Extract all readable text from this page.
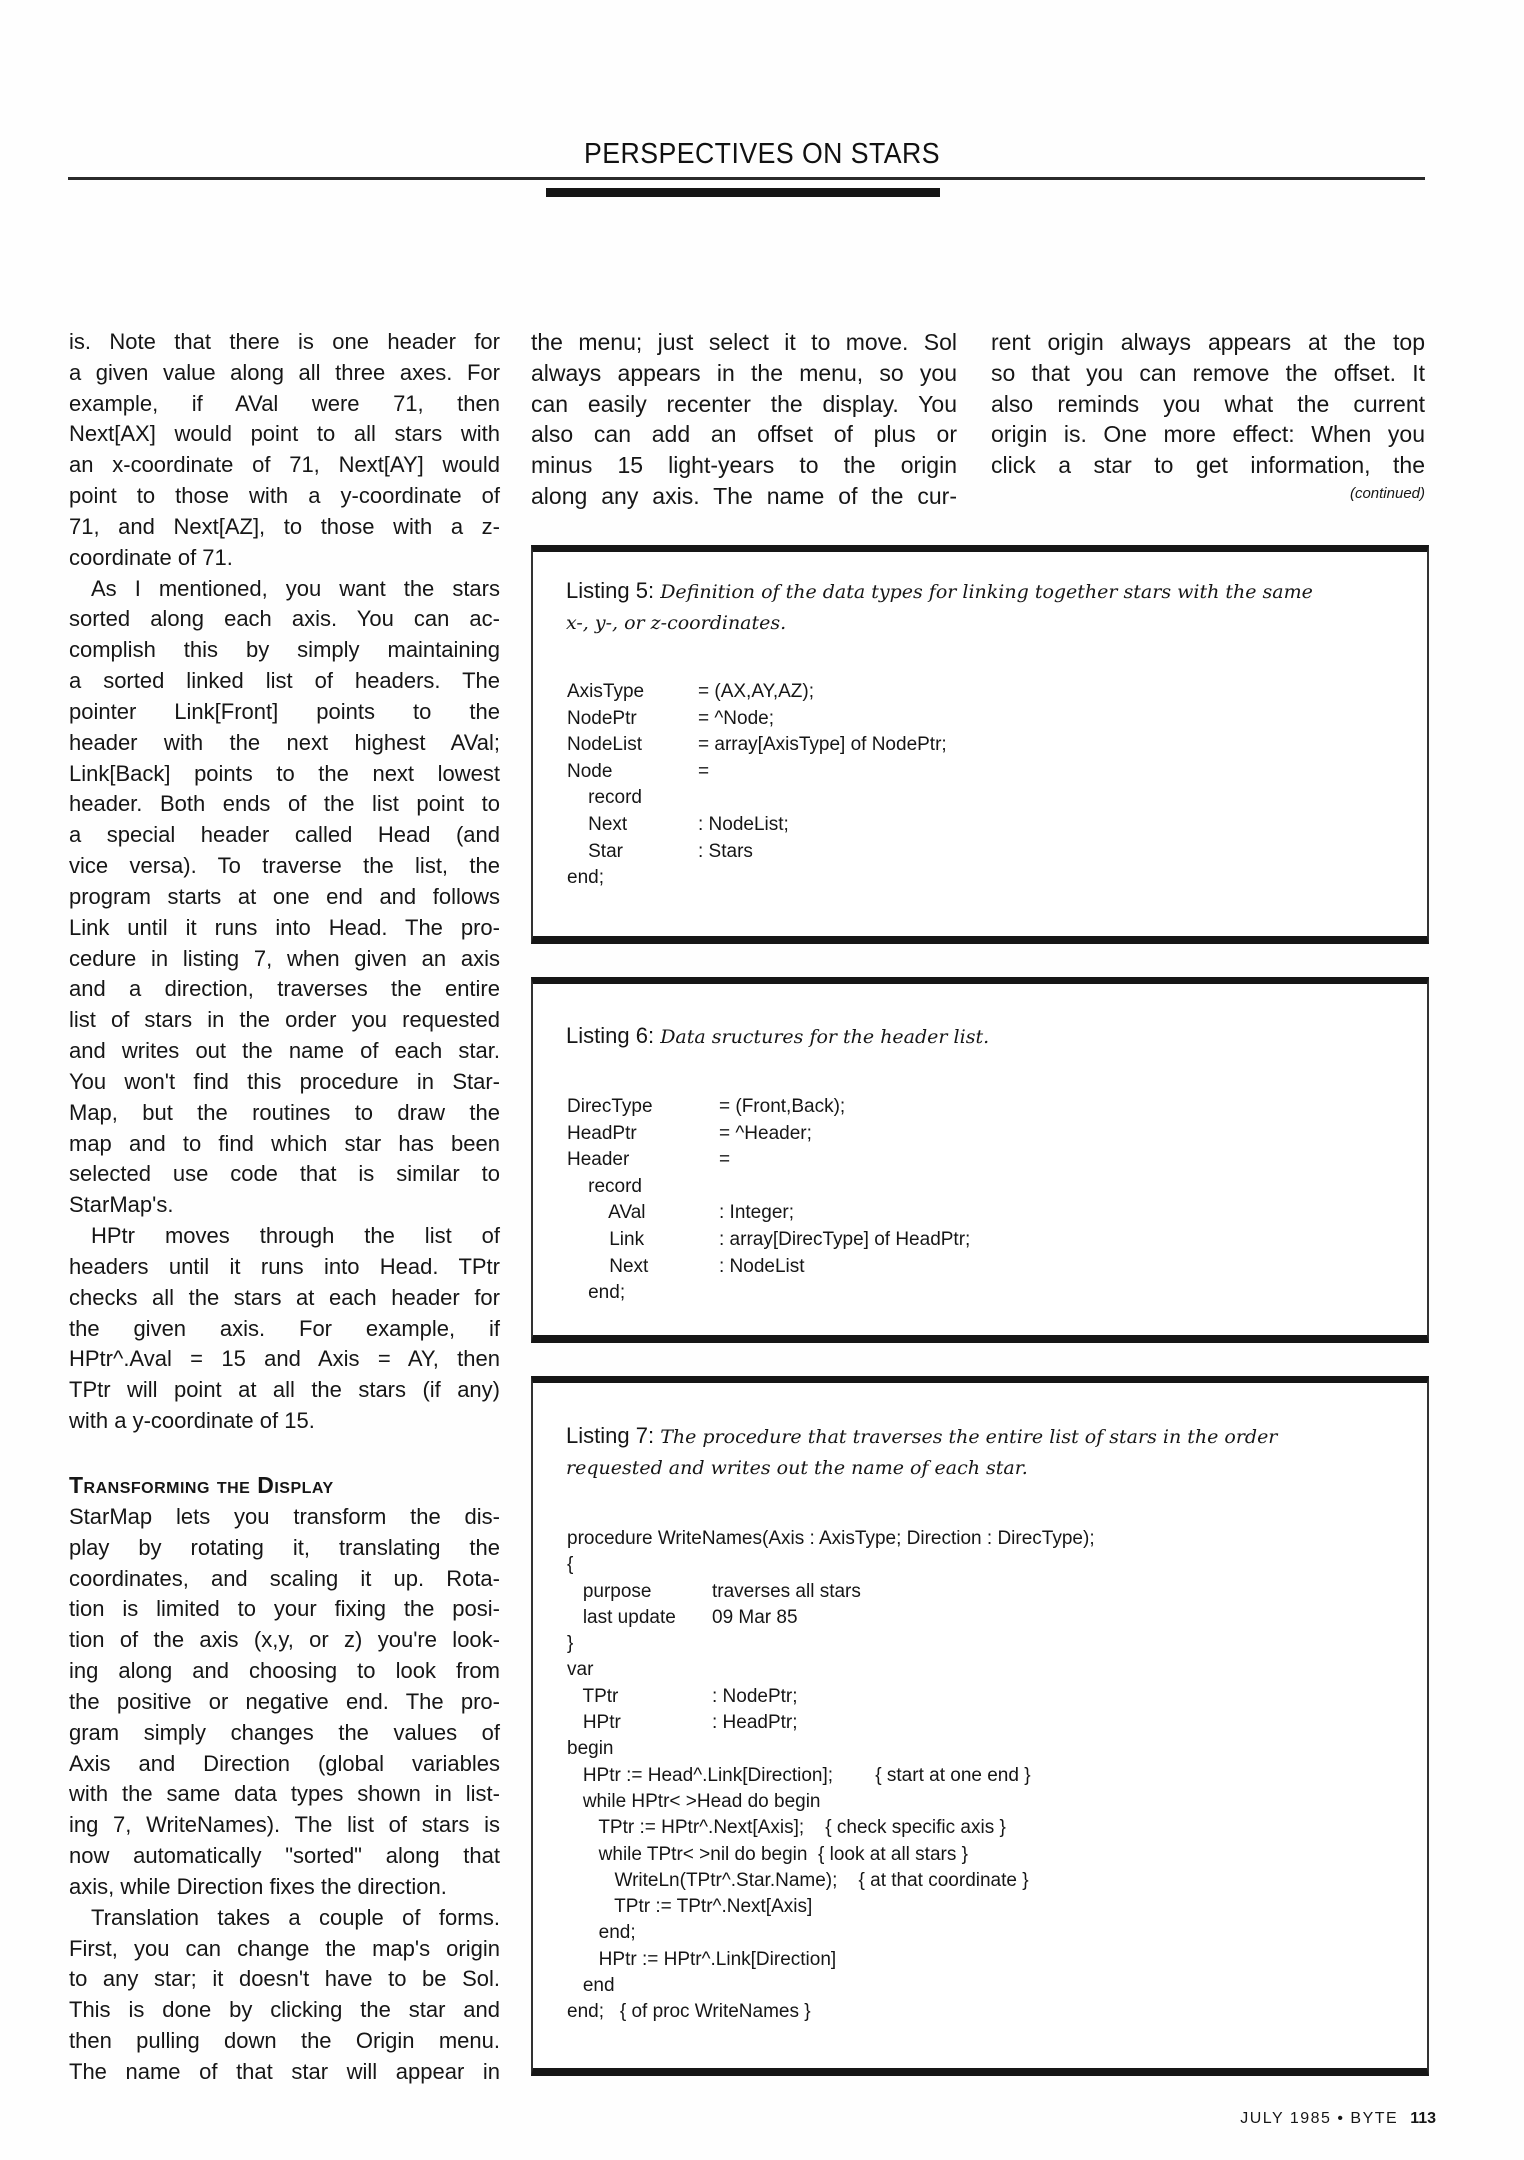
PERSPECTIVES ON STARS
is. Note that there is one header for
a given value along all three axes. For
example, if AVal were 71, then
Next[AX] would point to all stars with
an x-coordinate of 71, Next[AY] would
point to those with a y-coordinate of
71, and Next[AZ], to those with a z-
coordinate of 71.
As I mentioned, you want the stars
sorted along each axis. You can ac-
complish this by simply maintaining
a sorted linked list of headers. The
pointer Link[Front] points to the
header with the next highest AVal;
Link[Back] points to the next lowest
header. Both ends of the list point to
a special header called Head (and
vice versa). To traverse the list, the
program starts at one end and follows
Link until it runs into Head. The pro-
cedure in listing 7, when given an axis
and a direction, traverses the entire
list of stars in the order you requested
and writes out the name of each star.
You won't find this procedure in Star-
Map, but the routines to draw the
map and to find which star has been
selected use code that is similar to
StarMap's.
HPtr moves through the list of
headers until it runs into Head. TPtr
checks all the stars at each header for
the given axis. For example, if
HPtr^.Aval = 15 and Axis = AY, then
TPtr will point at all the stars (if any)
with a y-coordinate of 15.
Transforming the Display
StarMap lets you transform the dis-
play by rotating it, translating the
coordinates, and scaling it up. Rota-
tion is limited to your fixing the posi-
tion of the axis (x,y, or z) you're look-
ing along and choosing to look from
the positive or negative end. The pro-
gram simply changes the values of
Axis and Direction (global variables
with the same data types shown in list-
ing 7, WriteNames). The list of stars is
now automatically "sorted" along that
axis, while Direction fixes the direction.
Translation takes a couple of forms.
First, you can change the map's origin
to any star; it doesn't have to be Sol.
This is done by clicking the star and
then pulling down the Origin menu.
The name of that star will appear in
the menu; just select it to move. Sol
always appears in the menu, so you
can easily recenter the display. You
also can add an offset of plus or
minus 15 light-years to the origin
along any axis. The name of the cur-
rent origin always appears at the top
so that you can remove the offset. It
also reminds you what the current
origin is. One more effect: When you
click a star to get information, the
(continued)
Listing 5: Definition of the data types for linking together stars with the same
x-, y-, or z-coordinates.
AxisType	= (AX,AY,AZ);
NodePtr	= ^Node;
NodeList	= array[AxisType] of NodePtr;
Node	=
record
Next	: NodeList;
Star	: Stars
end;
Listing 6: Data sructures for the header list.
DirecType	= (Front,Back);
HeadPtr	= ^Header;
Header	=
record
AVal	: Integer;
Link	: array[DirecType] of HeadPtr;
Next	: NodeList
end;
Listing 7: The procedure that traverses the entire list of stars in the order
requested and writes out the name of each star.
procedure WriteNames(Axis : AxisType; Direction : DirecType);
{
purpose	traverses all stars
last update 09 Mar 85
}
var
TPtr	: NodePtr;
HPtr	: HeadPtr;
begin
HPtr := Head^.Link[Direction];        { start at one end }
while HPtr< >Head do begin
TPtr := HPtr^.Next[Axis];    { check specific axis }
while TPtr< >nil do begin  { look at all stars }
WriteLn(TPtr^.Star.Name);    { at that coordinate }
TPtr := TPtr^.Next[Axis]
end;
HPtr := HPtr^.Link[Direction]
end
end;   { of proc WriteNames }
JULY 1985 • BYTE 113
